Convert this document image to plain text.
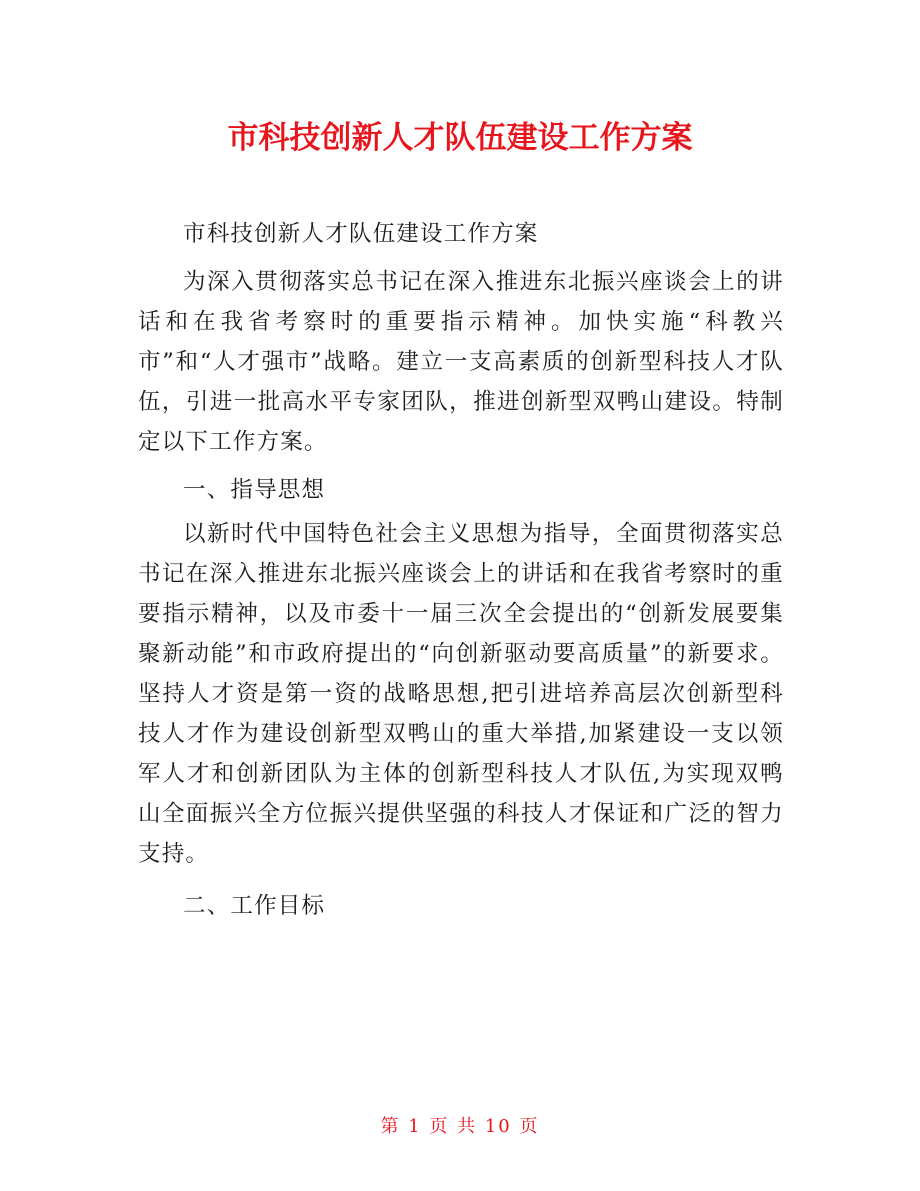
市科技创新人才队伍建设工作方案

市科技创新人才队伍建设工作方案

为深入贯彻落实总书记在深入推进东北振兴座谈会上的讲话和在我省考察时的重要指示精神。加快实施“科教兴市”和“人才强市”战略。建立一支高素质的创新型科技人才队伍，引进一批高水平专家团队，推进创新型双鸭山建设。特制定以下工作方案。

一、指导思想

以新时代中国特色社会主义思想为指导，全面贯彻落实总书记在深入推进东北振兴座谈会上的讲话和在我省考察时的重要指示精神，以及市委十一届三次全会提出的“创新发展要集聚新动能”和市政府提出的“向创新驱动要高质量”的新要求。坚持人才资是第一资的战略思想,把引进培养高层次创新型科技人才作为建设创新型双鸭山的重大举措,加紧建设一支以领军人才和创新团队为主体的创新型科技人才队伍,为实现双鸭山全面振兴全方位振兴提供坚强的科技人才保证和广泛的智力支持。

二、工作目标

第 1 页 共 10 页
